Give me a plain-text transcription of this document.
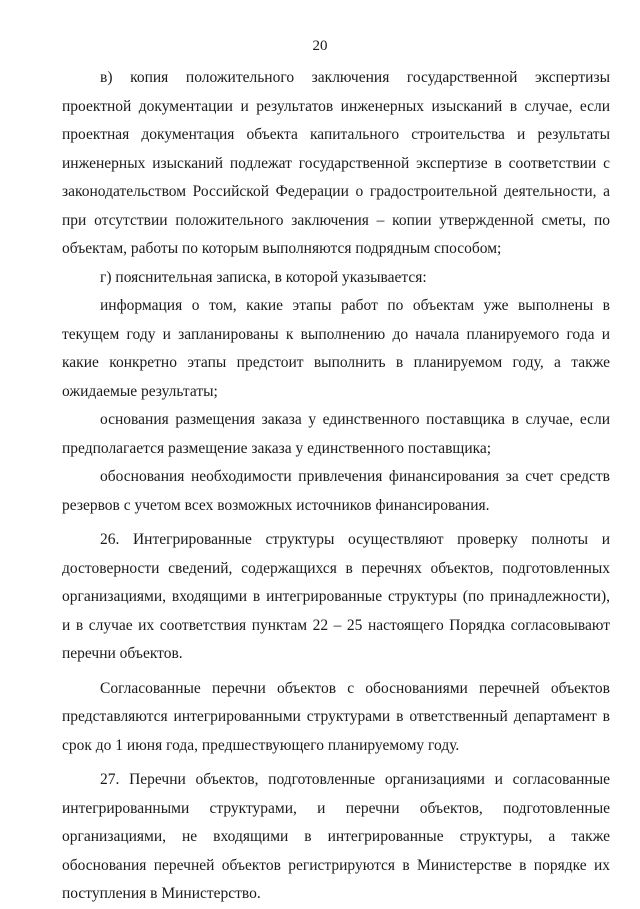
20

в) копия положительного заключения государственной экспертизы проектной документации и результатов инженерных изысканий в случае, если проектная документация объекта капитального строительства и результаты инженерных изысканий подлежат государственной экспертизе в соответствии с законодательством Российской Федерации о градостроительной деятельности, а при отсутствии положительного заключения – копии утвержденной сметы, по объектам, работы по которым выполняются подрядным способом;

г) пояснительная записка, в которой указывается:

информация о том, какие этапы работ по объектам уже выполнены в текущем году и запланированы к выполнению до начала планируемого года и какие конкретно этапы предстоит выполнить в планируемом году, а также ожидаемые результаты;

основания размещения заказа у единственного поставщика в случае, если предполагается размещение заказа у единственного поставщика;

обоснования необходимости привлечения финансирования за счет средств резервов с учетом всех возможных источников финансирования.

26. Интегрированные структуры осуществляют проверку полноты и достоверности сведений, содержащихся в перечнях объектов, подготовленных организациями, входящими в интегрированные структуры (по принадлежности), и в случае их соответствия пунктам 22 – 25 настоящего Порядка согласовывают перечни объектов.

Согласованные перечни объектов с обоснованиями перечней объектов представляются интегрированными структурами в ответственный департамент в срок до 1 июня года, предшествующего планируемому году.

27. Перечни объектов, подготовленные организациями и согласованные интегрированными структурами, и перечни объектов, подготовленные организациями, не входящими в интегрированные структуры, а также обоснования перечней объектов регистрируются в Министерстве в порядке их поступления в Министерство.
